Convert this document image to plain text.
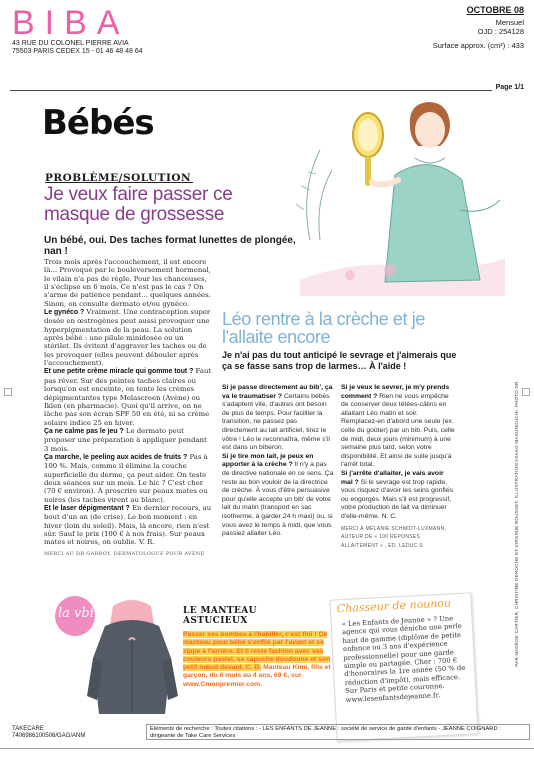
BIBA
43 RUE DU COLONEL PIERRE AVIA
75503 PARIS CEDEX 15 - 01 46 48 48 64
OCTOBRE 08
Mensuel
OJD : 254128
Surface approx. (cm²) : 433
Page 1/1
Bébés
PROBLÈME/SOLUTION
Je veux faire passer ce masque de grossesse
Un bébé, oui. Des taches format lunettes de plongée, nan !

Trois mois après l'accouchement, il est encore là… Provoqué par le bouleversement hormonal, le vilain n'a pas de règle. Pour les chanceuses, il s'éclipse en 6 mois. Ce n'est pas le cas ? On s'arme de patience pendant… quelques années. Sinon, on consulte dermato et/ou gynéco.

Le gynéco ? Vraiment. Une contraception super dosée en œstrogènes peut aussi provoquer une hyperpigmentation de la peau. La solution après bébé : une pilule minidosée ou un stérilet. Ils évitent d'aggraver les taches ou de les provoquer (elles peuvent débouler après l'accouchement).

Et une petite crème miracle qui gomme tout ? Faut pas rêver. Sur des peintes taches claires ou lorsqu'on est enceinte, on tente les crèmes dépigmentantes type Melascreen (Avène) ou Iklen (en pharmacie). Quoi qu'il arrive, on ne lâche pas son écran SPF 50 en été, ni sa crème solaire indice 25 en hiver.

Ça ne calme pas le jeu ? Le dermato peut proposer une préparation à appliquer pendant 3 mois.

Ça marche, le peeling aux acides de fruits ? Pas à 100 %. Mais, comme il élimine la couche superficielle du derme, ça peut aider. On teste deux séances sur un mois. Le hic ? C'est cher (70 € environ). À proscrire sur peaux mates ou noires (les taches virent au blanc).

Et le laser dépigmentant ? En dernier recours, au bout d'un an (de crise). Le bon moment : en hiver (loin du soleil). Mais, là encore, rien n'est sûr. Sauf le prix (100 € à nos frais). Sur peaux mates et noires, on oublie. V. R.

MERCI AU DR GARBOY, DERMATOLOGUE POUR AVÈNE

Léo rentre à la crèche et je l'allaite encore
Je n'ai pas du tout anticipé le sevrage et j'aimerais que ça se fasse sans trop de larmes… À l'aide !

Si je passe directement au bib', ça va le traumatiser ? Certains bébés s'adaptent vite, d'autres ont besoin de plus de temps. Pour faciliter la transition, ne passez pas directement au lait artificiel, tirez le vôtre ! Léo le reconnaîtra, même s'il est dans un biberon.

Si je tire mon lait, je peux en apporter à la crèche ? Il n'y a pas de directive nationale en ce sens. Ça reste au bon vouloir de la directrice de crèche. À vous d'être persuasive pour qu'elle accepte un bib' de votre lait du matin (transport en sac isotherme, à garder 24 h maxi) ou, si vous avez le temps à midi, que vous passiez allaiter Léo.

Si je veux le sevrer, je m'y prends comment ? Rien ne vous empêche de conserver deux tétées-câlins en allaitant Léo matin et soir. Remplacez-en d'abord une seule (ex. celle du goûter) par un bib. Puis, celle de midi, deux jours (minimum) à une semaine plus tard, selon votre disponibilité. Et ainsi de suite jusqu'à l'arrêt total.

Si j'arrête d'allaiter, je vais avoir mal ? Si le sevrage est trop rapide, vous risquez d'avoir les seins gonflés ou engorgés. Mais s'il est progressif, votre production de lait va diminuer d'elle-même. N. C.

MERCI À MÉLANIE SCHMIDT-LUXMANN, AUTEUR DE « 100 RÉPONSES ALLAITEMENT » , ED. LEDUC.S	PAR NADÈGE CARTIER, CHRISTINE DEROCHE ET VIRGINIE ROUSSET. ILLUSTRATION ASAKO MASUNOUCHI. PHOTO DR.
la vbi	LE MANTEAU
ASTUCIEUX
Passer ses bombes à l'habiller, c'est fini ! Ce manteau pour bébé s'enfile par l'avant et se zippe à l'arrière. Et il reste fashion avec ses couleurs pastel, sa capuche doudoune et son petit nœud devant. C. D. Manteau Kimi, fille et garçon, du 6 mois au 4 ans, 69 €, sur www.Cmonpremier.com.
Chasseur de nounou
« Les Enfants de Jeanne » ? Une agence qui vous déniche une perle haut de gamme (diplôme de petite enfance ou 3 ans d'expérience professionnelle) pour une garde simple ou partagée. Cher : 700 € d'honoraires la 1re année (50 % de réduction d'impôt), mais efficace. Sur Paris et petite couronne. www.lesenfantsdejeanne.fr.
TAKECARE
7406986100506/GAG/ANM
Eléments de recherche : Toutes citations : - LES ENFANTS DE JEANNE : société de service de garde d'enfants - JEANNE COIGNARD :
dirigeante de Take Care Services
